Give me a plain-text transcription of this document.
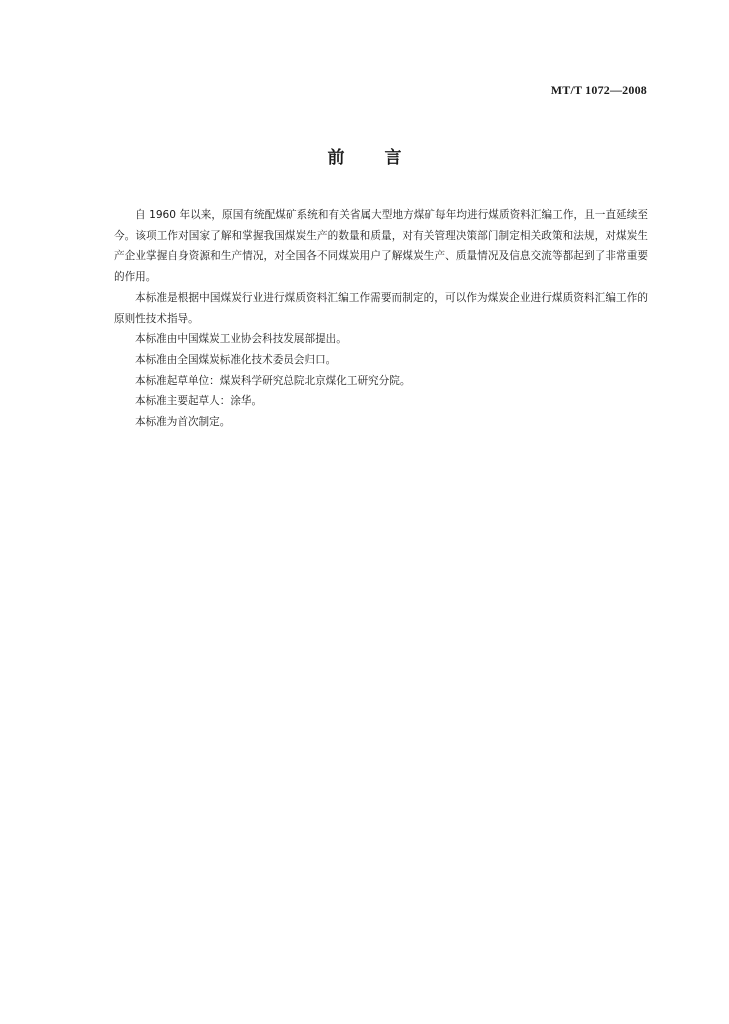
MT/T 1072—2008
前 言

自 1960 年以来，原国有统配煤矿系统和有关省属大型地方煤矿每年均进行煤质资料汇编工作，且一直延续至今。该项工作对国家了解和掌握我国煤炭生产的数量和质量，对有关管理决策部门制定相关政策和法规，对煤炭生产企业掌握自身资源和生产情况，对全国各不同煤炭用户了解煤炭生产、质量情况及信息交流等都起到了非常重要的作用。

本标准是根据中国煤炭行业进行煤质资料汇编工作需要而制定的，可以作为煤炭企业进行煤质资料汇编工作的原则性技术指导。

本标准由中国煤炭工业协会科技发展部提出。

本标准由全国煤炭标准化技术委员会归口。

本标准起草单位：煤炭科学研究总院北京煤化工研究分院。

本标准主要起草人：涂华。

本标准为首次制定。
